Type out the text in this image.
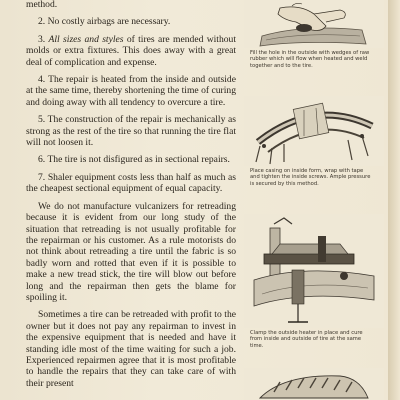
method.

2. No costly airbags are necessary.

3. All sizes and styles of tires are mended without molds or extra fixtures. This does away with a great deal of complication and expense.

4. The repair is heated from the inside and outside at the same time, thereby shortening the time of curing and doing away with all tendency to overcure a tire.

5. The construction of the repair is mechanically as strong as the rest of the tire so that running the tire flat will not loosen it.

6. The tire is not disfigured as in sectional repairs.

7. Shaler equipment costs less than half as much as the cheapest sectional equipment of equal capacity.

We do not manufacture vulcanizers for retreading because it is evident from our long study of the situation that retreading is not usually profitable for the repairman or his customer. As a rule motorists do not think about retreading a tire until the fabric is so badly worn and rotted that even if it is possible to make a new tread stick, the tire will blow out before long and the repairman then gets the blame for spoiling it.

Sometimes a tire can be retreaded with profit to the owner but it does not pay any repairman to invest in the expensive equipment that is needed and have it standing idle most of the time waiting for such a job. Experienced repairmen agree that it is most profitable to handle the repairs that they can take care of with their present

Fill the hole in the outside with wedges of raw rubber which will flow when heated and weld together and to the tire.
Place casing on inside form, wrap with tape and tighten the inside screws. Ample pressure is secured by this method.
Clamp the outside heater in place and cure from inside and outside of tire at the same time.
